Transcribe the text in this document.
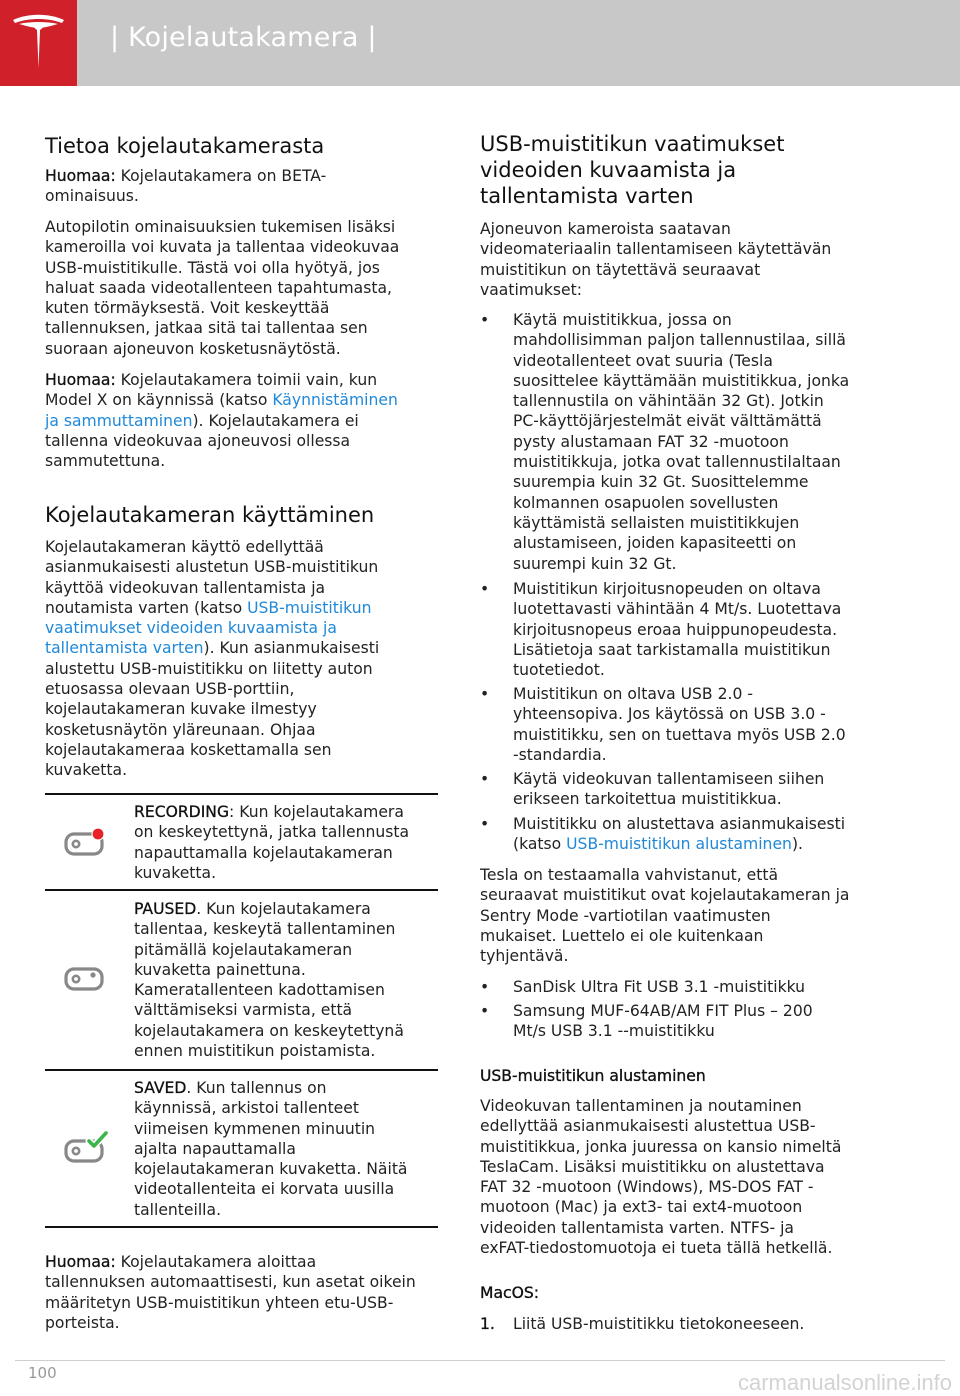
| Kojelautakamera |
Tietoa kojelautakamerasta
Huomaa: Kojelautakamera on BETA-
ominaisuus.
Autopilotin ominaisuuksien tukemisen lisäksi
kameroilla voi kuvata ja tallentaa videokuvaa
USB-muistitikulle. Tästä voi olla hyötyä, jos
haluat saada videotallenteen tapahtumasta,
kuten törmäyksestä. Voit keskeyttää
tallennuksen, jatkaa sitä tai tallentaa sen
suoraan ajoneuvon kosketusnäytöstä.
Huomaa: Kojelautakamera toimii vain, kun
Model X on käynnissä (katso Käynnistäminen
ja sammuttaminen). Kojelautakamera ei
tallenna videokuvaa ajoneuvosi ollessa
sammutettuna.
Kojelautakameran käyttäminen
Kojelautakameran käyttö edellyttää
asianmukaisesti alustetun USB-muistitikun
käyttöä videokuvan tallentamista ja
noutamista varten (katso USB-muistitikun
vaatimukset videoiden kuvaamista ja
tallentamista varten). Kun asianmukaisesti
alustettu USB-muistitikku on liitetty auton
etuosassa olevaan USB-porttiin,
kojelautakameran kuvake ilmestyy
kosketusnäytön yläreunaan. Ohjaa
kojelautakameraa koskettamalla sen
kuvaketta.
RECORDING: Kun kojelautakamera
on keskeytettynä, jatka tallennusta
napauttamalla kojelautakameran
kuvaketta.
PAUSED. Kun kojelautakamera
tallentaa, keskeytä tallentaminen
pitämällä kojelautakameran
kuvaketta painettuna.
Kameratallenteen kadottamisen
välttämiseksi varmista, että
kojelautakamera on keskeytettynä
ennen muistitikun poistamista.
SAVED. Kun tallennus on
käynnissä, arkistoi tallenteet
viimeisen kymmenen minuutin
ajalta napauttamalla
kojelautakameran kuvaketta. Näitä
videotallenteita ei korvata uusilla
tallenteilla.
Huomaa: Kojelautakamera aloittaa
tallennuksen automaattisesti, kun asetat oikein
määritetyn USB-muistitikun yhteen etu-USB-
porteista.
USB-muistitikun vaatimukset
videoiden kuvaamista ja
tallentamista varten
Ajoneuvon kameroista saatavan
videomateriaalin tallentamiseen käytettävän
muistitikun on täytettävä seuraavat
vaatimukset:
• Käytä muistitikkua, jossa on
mahdollisimman paljon tallennustilaa, sillä
videotallenteet ovat suuria (Tesla
suosittelee käyttämään muistitikkua, jonka
tallennustila on vähintään 32 Gt). Jotkin
PC-käyttöjärjestelmät eivät välttämättä
pysty alustamaan FAT 32 -muotoon
muistitikkuja, jotka ovat tallennustilaltaan
suurempia kuin 32 Gt. Suosittelemme
kolmannen osapuolen sovellusten
käyttämistä sellaisten muistitikkujen
alustamiseen, joiden kapasiteetti on
suurempi kuin 32 Gt.
• Muistitikun kirjoitusnopeuden on oltava
luotettavasti vähintään 4 Mt/s. Luotettava
kirjoitusnopeus eroaa huippunopeudesta.
Lisätietoja saat tarkistamalla muistitikun
tuotetiedot.
• Muistitikun on oltava USB 2.0 -
yhteensopiva. Jos käytössä on USB 3.0 -
muistitikku, sen on tuettava myös USB 2.0
-standardia.
• Käytä videokuvan tallentamiseen siihen
erikseen tarkoitettua muistitikkua.
• Muistitikku on alustettava asianmukaisesti
(katso USB-muistitikun alustaminen).
Tesla on testaamalla vahvistanut, että
seuraavat muistitikut ovat kojelautakameran ja
Sentry Mode -vartiotilan vaatimusten
mukaiset. Luettelo ei ole kuitenkaan
tyhjentävä.
• SanDisk Ultra Fit USB 3.1 -muistitikku
• Samsung MUF-64AB/AM FIT Plus – 200
Mt/s USB 3.1 --muistitikku
USB-muistitikun alustaminen
Videokuvan tallentaminen ja noutaminen
edellyttää asianmukaisesti alustettua USB-
muistitikkua, jonka juuressa on kansio nimeltä
TeslaCam. Lisäksi muistitikku on alustettava
FAT 32 -muotoon (Windows), MS-DOS FAT -
muotoon (Mac) ja ext3- tai ext4-muotoon
videoiden tallentamista varten. NTFS- ja
exFAT-tiedostomuotoja ei tueta tällä hetkellä.
MacOS:
1. Liitä USB-muistitikku tietokoneeseen.
100	carmanualsonline.info
